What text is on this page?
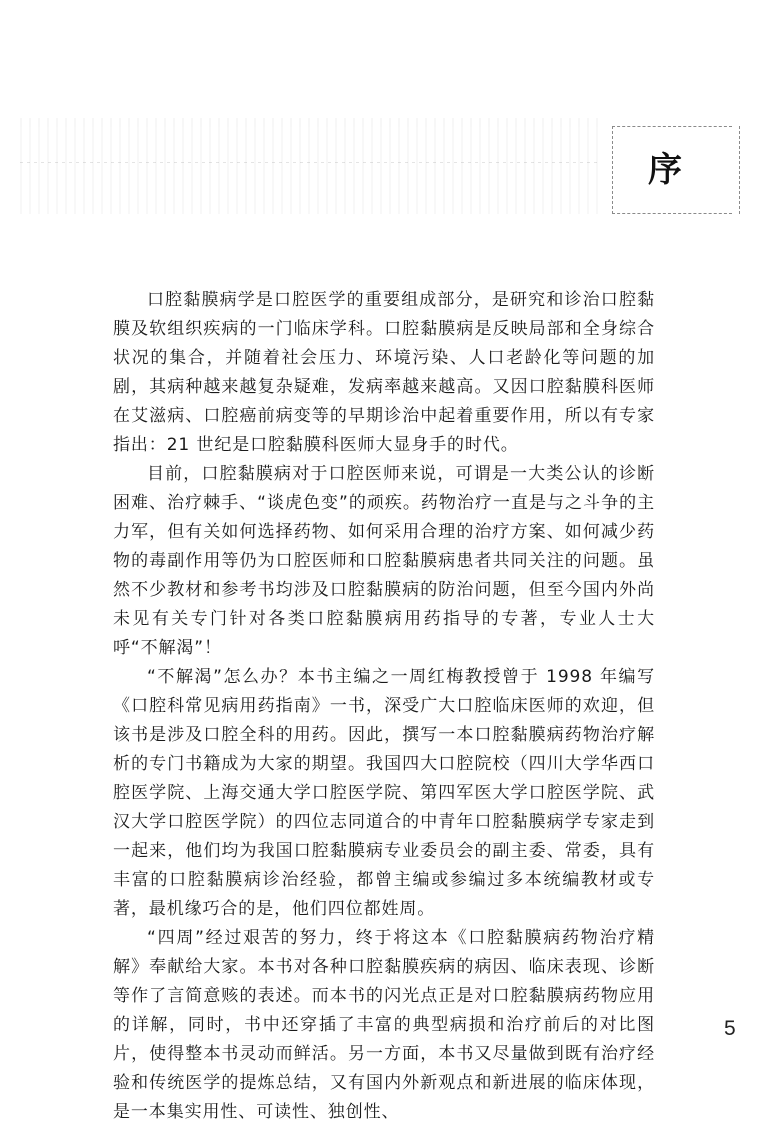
序

口腔黏膜病学是口腔医学的重要组成部分，是研究和诊治口腔黏膜及软组织疾病的一门临床学科。口腔黏膜病是反映局部和全身综合状况的集合，并随着社会压力、环境污染、人口老龄化等问题的加剧，其病种越来越复杂疑难，发病率越来越高。又因口腔黏膜科医师在艾滋病、口腔癌前病变等的早期诊治中起着重要作用，所以有专家指出：21 世纪是口腔黏膜科医师大显身手的时代。

目前，口腔黏膜病对于口腔医师来说，可谓是一大类公认的诊断困难、治疗棘手、“谈虎色变”的顽疾。药物治疗一直是与之斗争的主力军，但有关如何选择药物、如何采用合理的治疗方案、如何减少药物的毒副作用等仍为口腔医师和口腔黏膜病患者共同关注的问题。虽然不少教材和参考书均涉及口腔黏膜病的防治问题，但至今国内外尚未见有关专门针对各类口腔黏膜病用药指导的专著，专业人士大呼“不解渴”！

“不解渴”怎么办？本书主编之一周红梅教授曾于 1998 年编写《口腔科常见病用药指南》一书，深受广大口腔临床医师的欢迎，但该书是涉及口腔全科的用药。因此，撰写一本口腔黏膜病药物治疗解析的专门书籍成为大家的期望。我国四大口腔院校（四川大学华西口腔医学院、上海交通大学口腔医学院、第四军医大学口腔医学院、武汉大学口腔医学院）的四位志同道合的中青年口腔黏膜病学专家走到一起来，他们均为我国口腔黏膜病专业委员会的副主委、常委，具有丰富的口腔黏膜病诊治经验，都曾主编或参编过多本统编教材或专著，最机缘巧合的是，他们四位都姓周。

“四周”经过艰苦的努力，终于将这本《口腔黏膜病药物治疗精解》奉献给大家。本书对各种口腔黏膜疾病的病因、临床表现、诊断等作了言简意赅的表述。而本书的闪光点正是对口腔黏膜病药物应用的详解，同时，书中还穿插了丰富的典型病损和治疗前后的对比图片，使得整本书灵动而鲜活。另一方面，本书又尽量做到既有治疗经验和传统医学的提炼总结，又有国内外新观点和新进展的临床体现，是一本集实用性、可读性、独创性、

5
